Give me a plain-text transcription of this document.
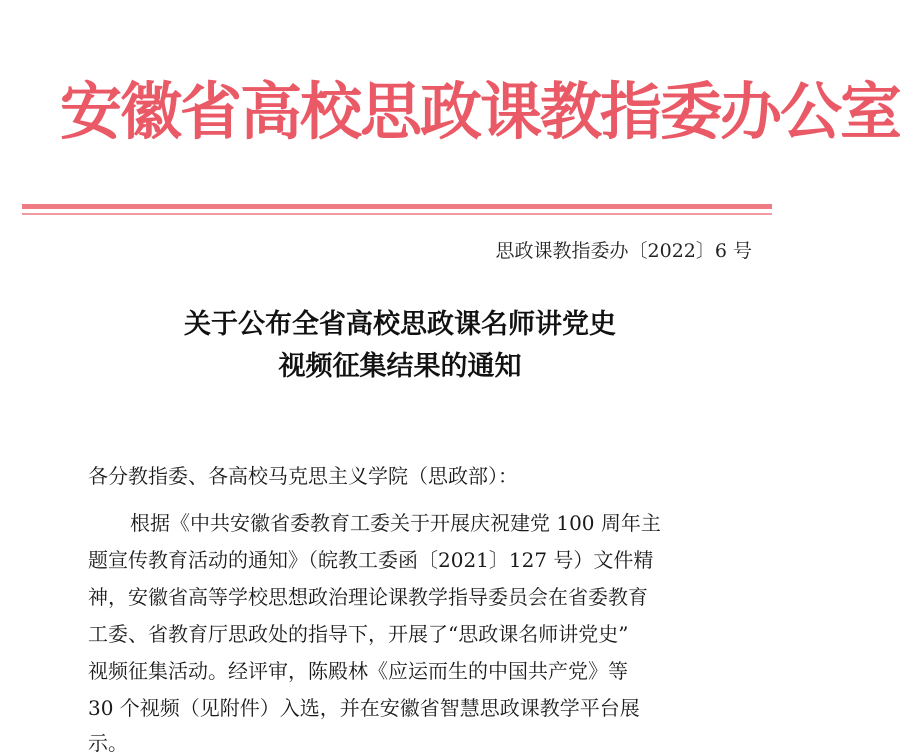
安徽省高校思政课教指委办公室
思政课教指委办〔2022〕6 号
关于公布全省高校思政课名师讲党史
视频征集结果的通知
各分教指委、各高校马克思主义学院（思政部）：
根据《中共安徽省委教育工委关于开展庆祝建党 100 周年主
题宣传教育活动的通知》（皖教工委函〔2021〕127 号）文件精
神，安徽省高等学校思想政治理论课教学指导委员会在省委教育
工委、省教育厅思政处的指导下，开展了“思政课名师讲党史”
视频征集活动。经评审，陈殿林《应运而生的中国共产党》等
30 个视频（见附件）入选，并在安徽省智慧思政课教学平台展
示。
